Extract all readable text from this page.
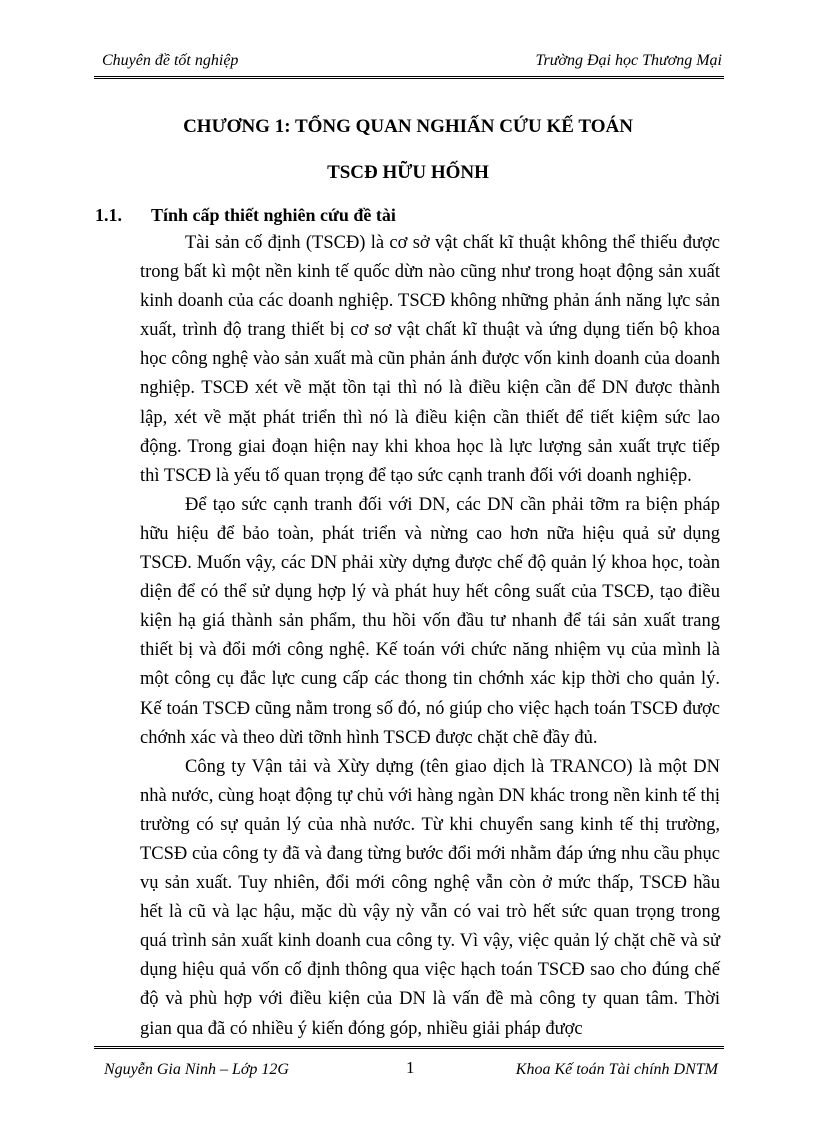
Chuyên đề tốt nghiệp	Trường Đại học Thương Mại
CHƯƠNG 1: TỔNG QUAN NGHIẤN CỨU KẾ TOÁN
TSCĐ HỮU HỐNH
1.1. Tính cấp thiết nghiên cứu đề tài

Tài sản cố định (TSCĐ) là cơ sở vật chất kĩ thuật không thể thiếu được trong bất kì một nền kinh tế quốc dừn nào cũng như trong hoạt động sản xuất kinh doanh của các doanh nghiệp. TSCĐ không những phản ánh năng lực sản xuất, trình độ trang thiết bị cơ sơ vật chất kĩ thuật và ứng dụng tiến bộ khoa học công nghệ vào sản xuất mà cũn phản ánh được vốn kinh doanh của doanh nghiệp. TSCĐ xét về mặt tồn tại thì nó là điều kiện cần để DN được thành lập, xét về mặt phát triển thì nó là điều kiện cần thiết để tiết kiệm sức lao động. Trong giai đoạn hiện nay khi khoa học là lực lượng sản xuất trực tiếp thì TSCĐ là yếu tố quan trọng để tạo sức cạnh tranh đối với doanh nghiệp.

Để tạo sức cạnh tranh đối với DN, các DN cần phải tỡm ra biện pháp hữu hiệu để bảo toàn, phát triển và nừng cao hơn nữa hiệu quả sử dụng TSCĐ. Muốn vậy, các DN phải xừy dựng được chế độ quản lý khoa học, toàn diện để có thể sử dụng hợp lý và phát huy hết công suất của TSCĐ, tạo điều kiện hạ giá thành sản phẩm, thu hồi vốn đầu tư nhanh để tái sản xuất trang thiết bị và đổi mới công nghệ. Kế toán với chức năng nhiệm vụ của mình là một công cụ đắc lực cung cấp các thong tin chớnh xác kịp thời cho quản lý. Kế toán TSCĐ cũng nằm trong số đó, nó giúp cho việc hạch toán TSCĐ được chớnh xác và theo dừi tỡnh hình TSCĐ được chặt chẽ đầy đủ.

Công ty Vận tải và Xừy dựng (tên giao dịch là TRANCO) là một DN nhà nước, cùng hoạt động tự chủ với hàng ngàn DN khác trong nền kinh tế thị trường có sự quản lý của nhà nước. Từ khi chuyển sang kinh tế thị trường, TCSĐ của công ty đã và đang từng bước đổi mới nhằm đáp ứng nhu cầu phục vụ sản xuất. Tuy nhiên, đổi mới công nghệ vẫn còn ở mức thấp, TSCĐ hầu hết là cũ và lạc hậu, mặc dù vậy nỳ vẫn có vai trò hết sức quan trọng trong quá trình sản xuất kinh doanh cua công ty. Vì vậy, việc quản lý chặt chẽ và sử dụng hiệu quả vốn cố định thông qua việc hạch toán TSCĐ sao cho đúng chế độ và phù hợp với điều kiện của DN là vấn đề mà công ty quan tâm. Thời gian qua đã có nhiều ý kiến đóng góp, nhiều giải pháp được

Nguyễn Gia Ninh – Lớp 12G	1	Khoa Kế toán Tài chính DNTM
